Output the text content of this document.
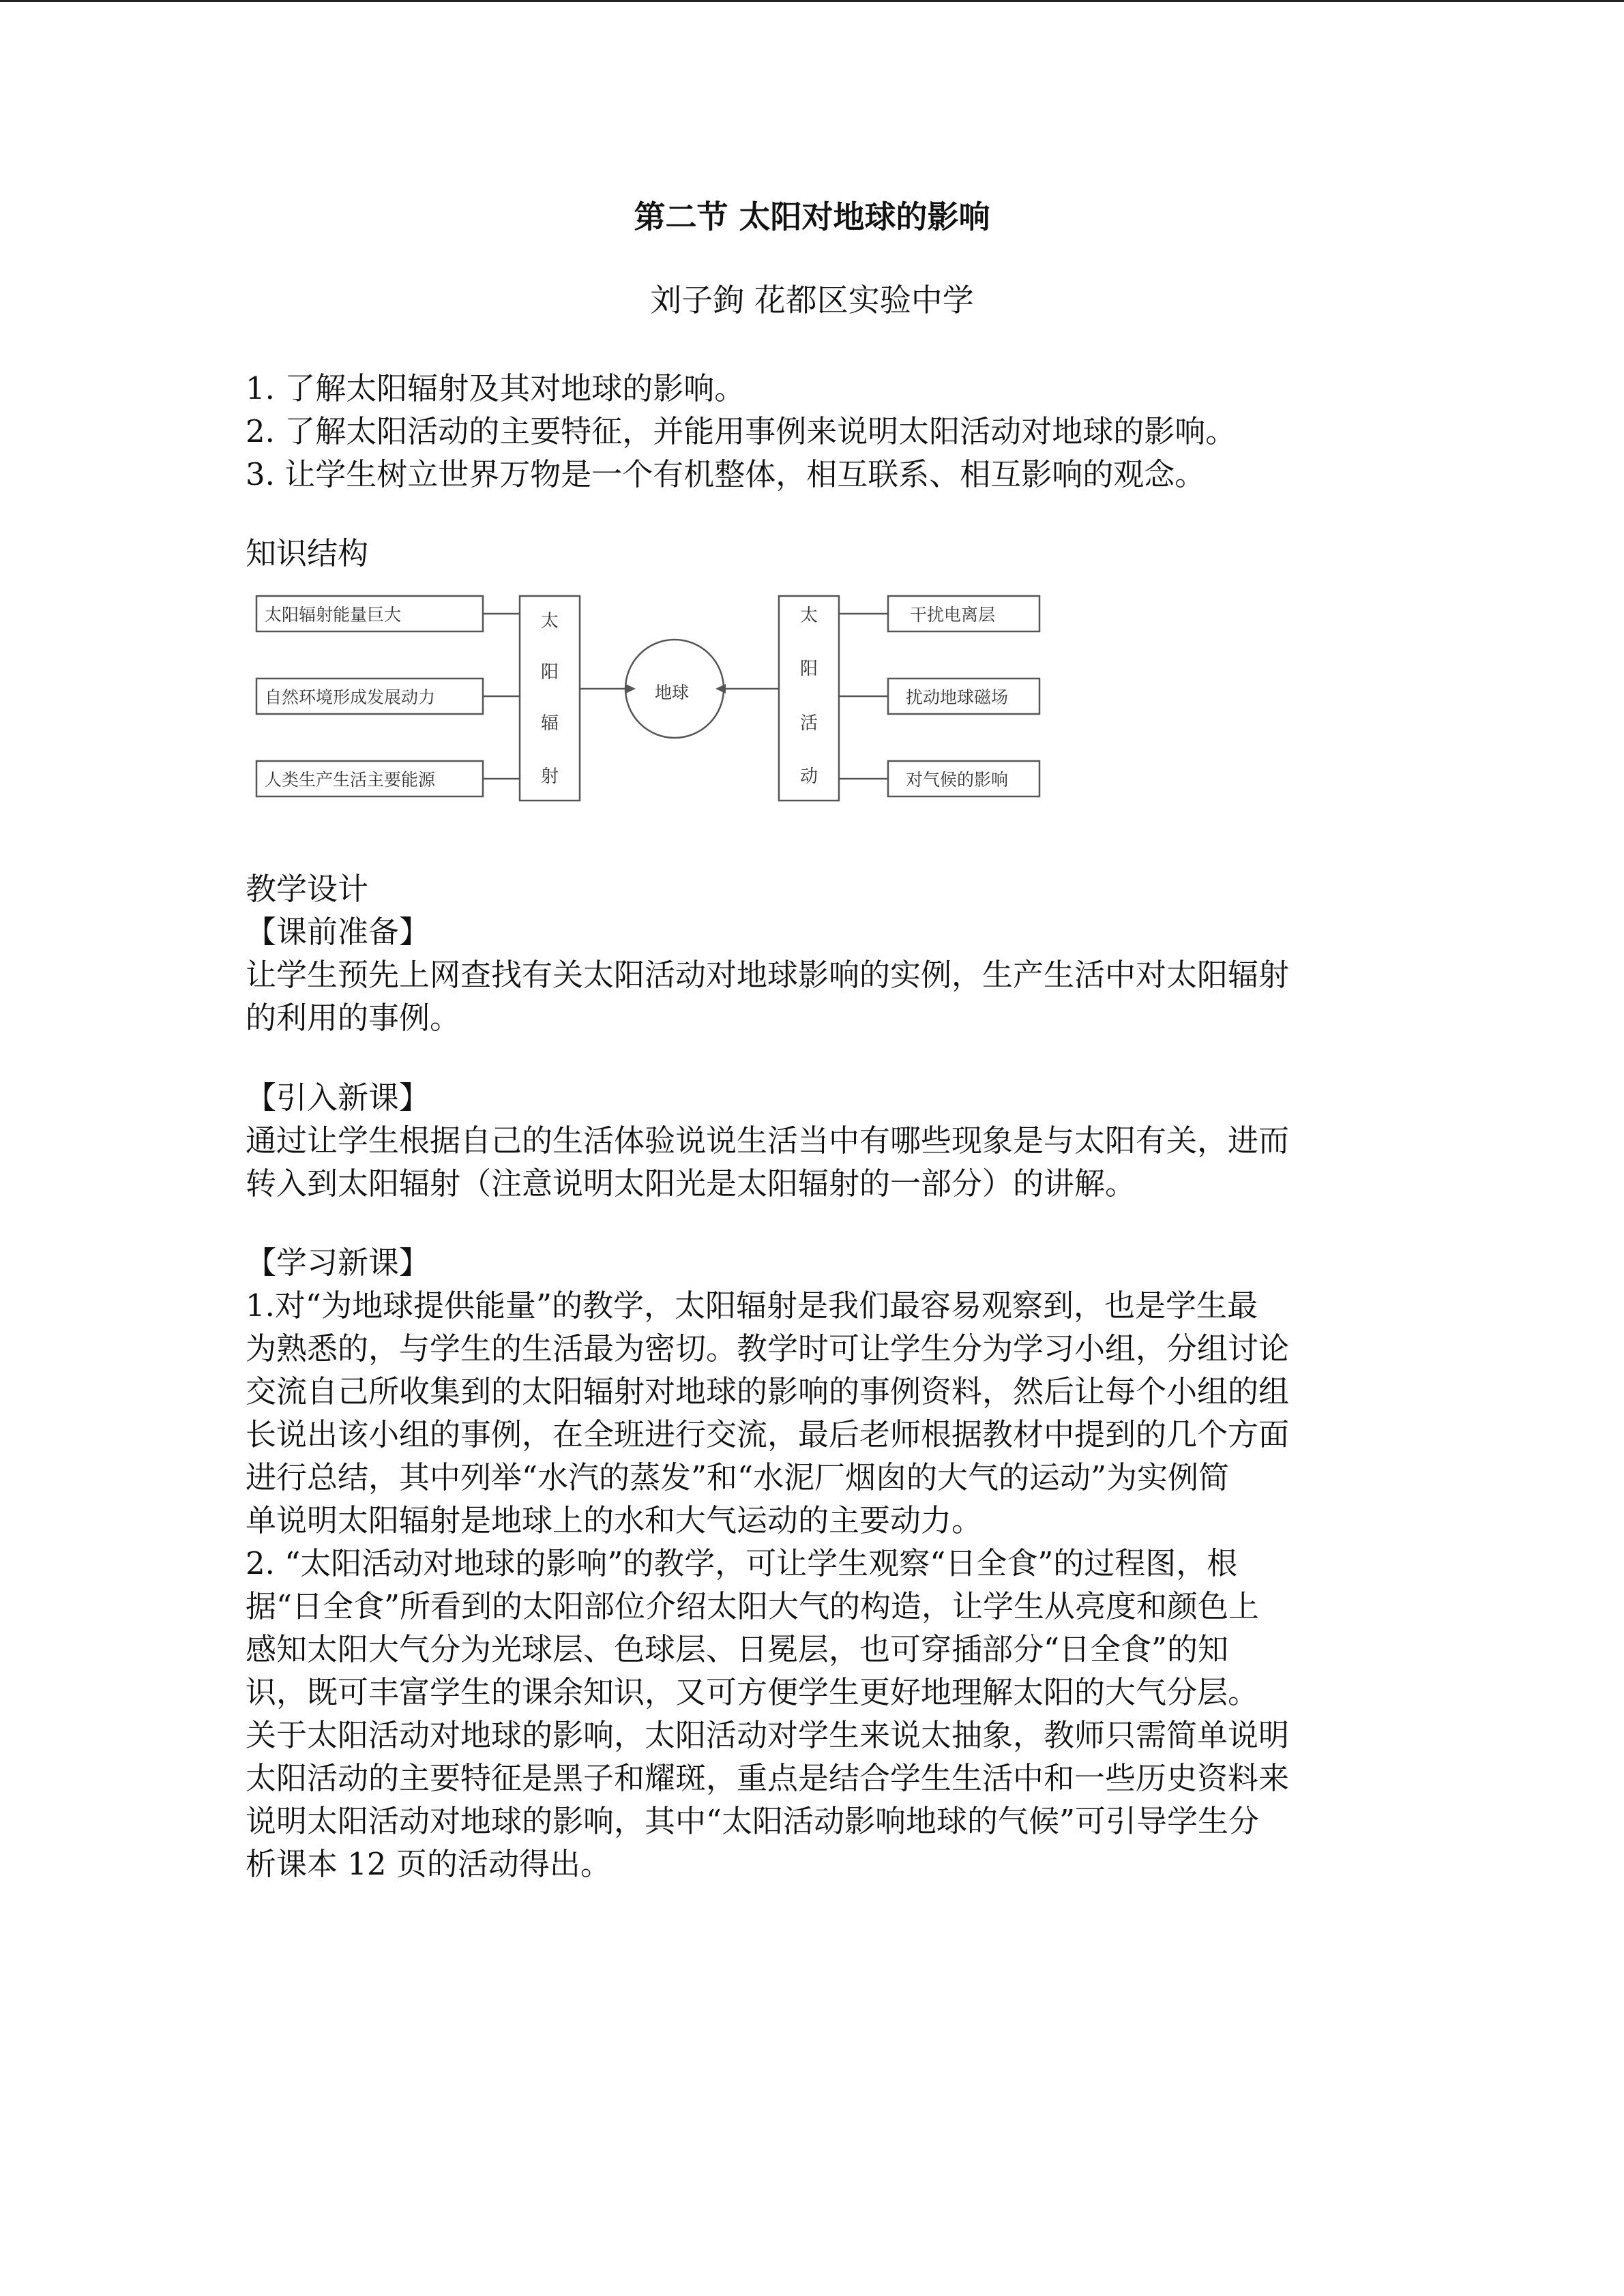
第二节 太阳对地球的影响
刘子鉤 花都区实验中学

1. 了解太阳辐射及其对地球的影响。

2. 了解太阳活动的主要特征，并能用事例来说明太阳活动对地球的影响。

3. 让学生树立世界万物是一个有机整体，相互联系、相互影响的观念。

知识结构
太阳辐射能量巨大
自然环境形成发展动力
人类生产生活主要能源
太
阳
辐
射
地球
太
阳
活
动
干扰电离层
扰动地球磁场
对气候的影响

教学设计

【课前准备】

让学生预先上网查找有关太阳活动对地球影响的实例，生产生活中对太阳辐射

的利用的事例。

【引入新课】

通过让学生根据自己的生活体验说说生活当中有哪些现象是与太阳有关，进而

转入到太阳辐射（注意说明太阳光是太阳辐射的一部分）的讲解。

【学习新课】

1.对“为地球提供能量”的教学，太阳辐射是我们最容易观察到，也是学生最

为熟悉的，与学生的生活最为密切。教学时可让学生分为学习小组，分组讨论

交流自己所收集到的太阳辐射对地球的影响的事例资料，然后让每个小组的组

长说出该小组的事例，在全班进行交流，最后老师根据教材中提到的几个方面

进行总结，其中列举“水汽的蒸发”和“水泥厂烟囱的大气的运动”为实例简

单说明太阳辐射是地球上的水和大气运动的主要动力。

2. “太阳活动对地球的影响”的教学，可让学生观察“日全食”的过程图，根

据“日全食”所看到的太阳部位介绍太阳大气的构造，让学生从亮度和颜色上

感知太阳大气分为光球层、色球层、日冕层，也可穿插部分“日全食”的知

识，既可丰富学生的课余知识，又可方便学生更好地理解太阳的大气分层。

关于太阳活动对地球的影响，太阳活动对学生来说太抽象，教师只需简单说明

太阳活动的主要特征是黑子和耀斑，重点是结合学生生活中和一些历史资料来

说明太阳活动对地球的影响，其中“太阳活动影响地球的气候”可引导学生分

析课本 12 页的活动得出。
